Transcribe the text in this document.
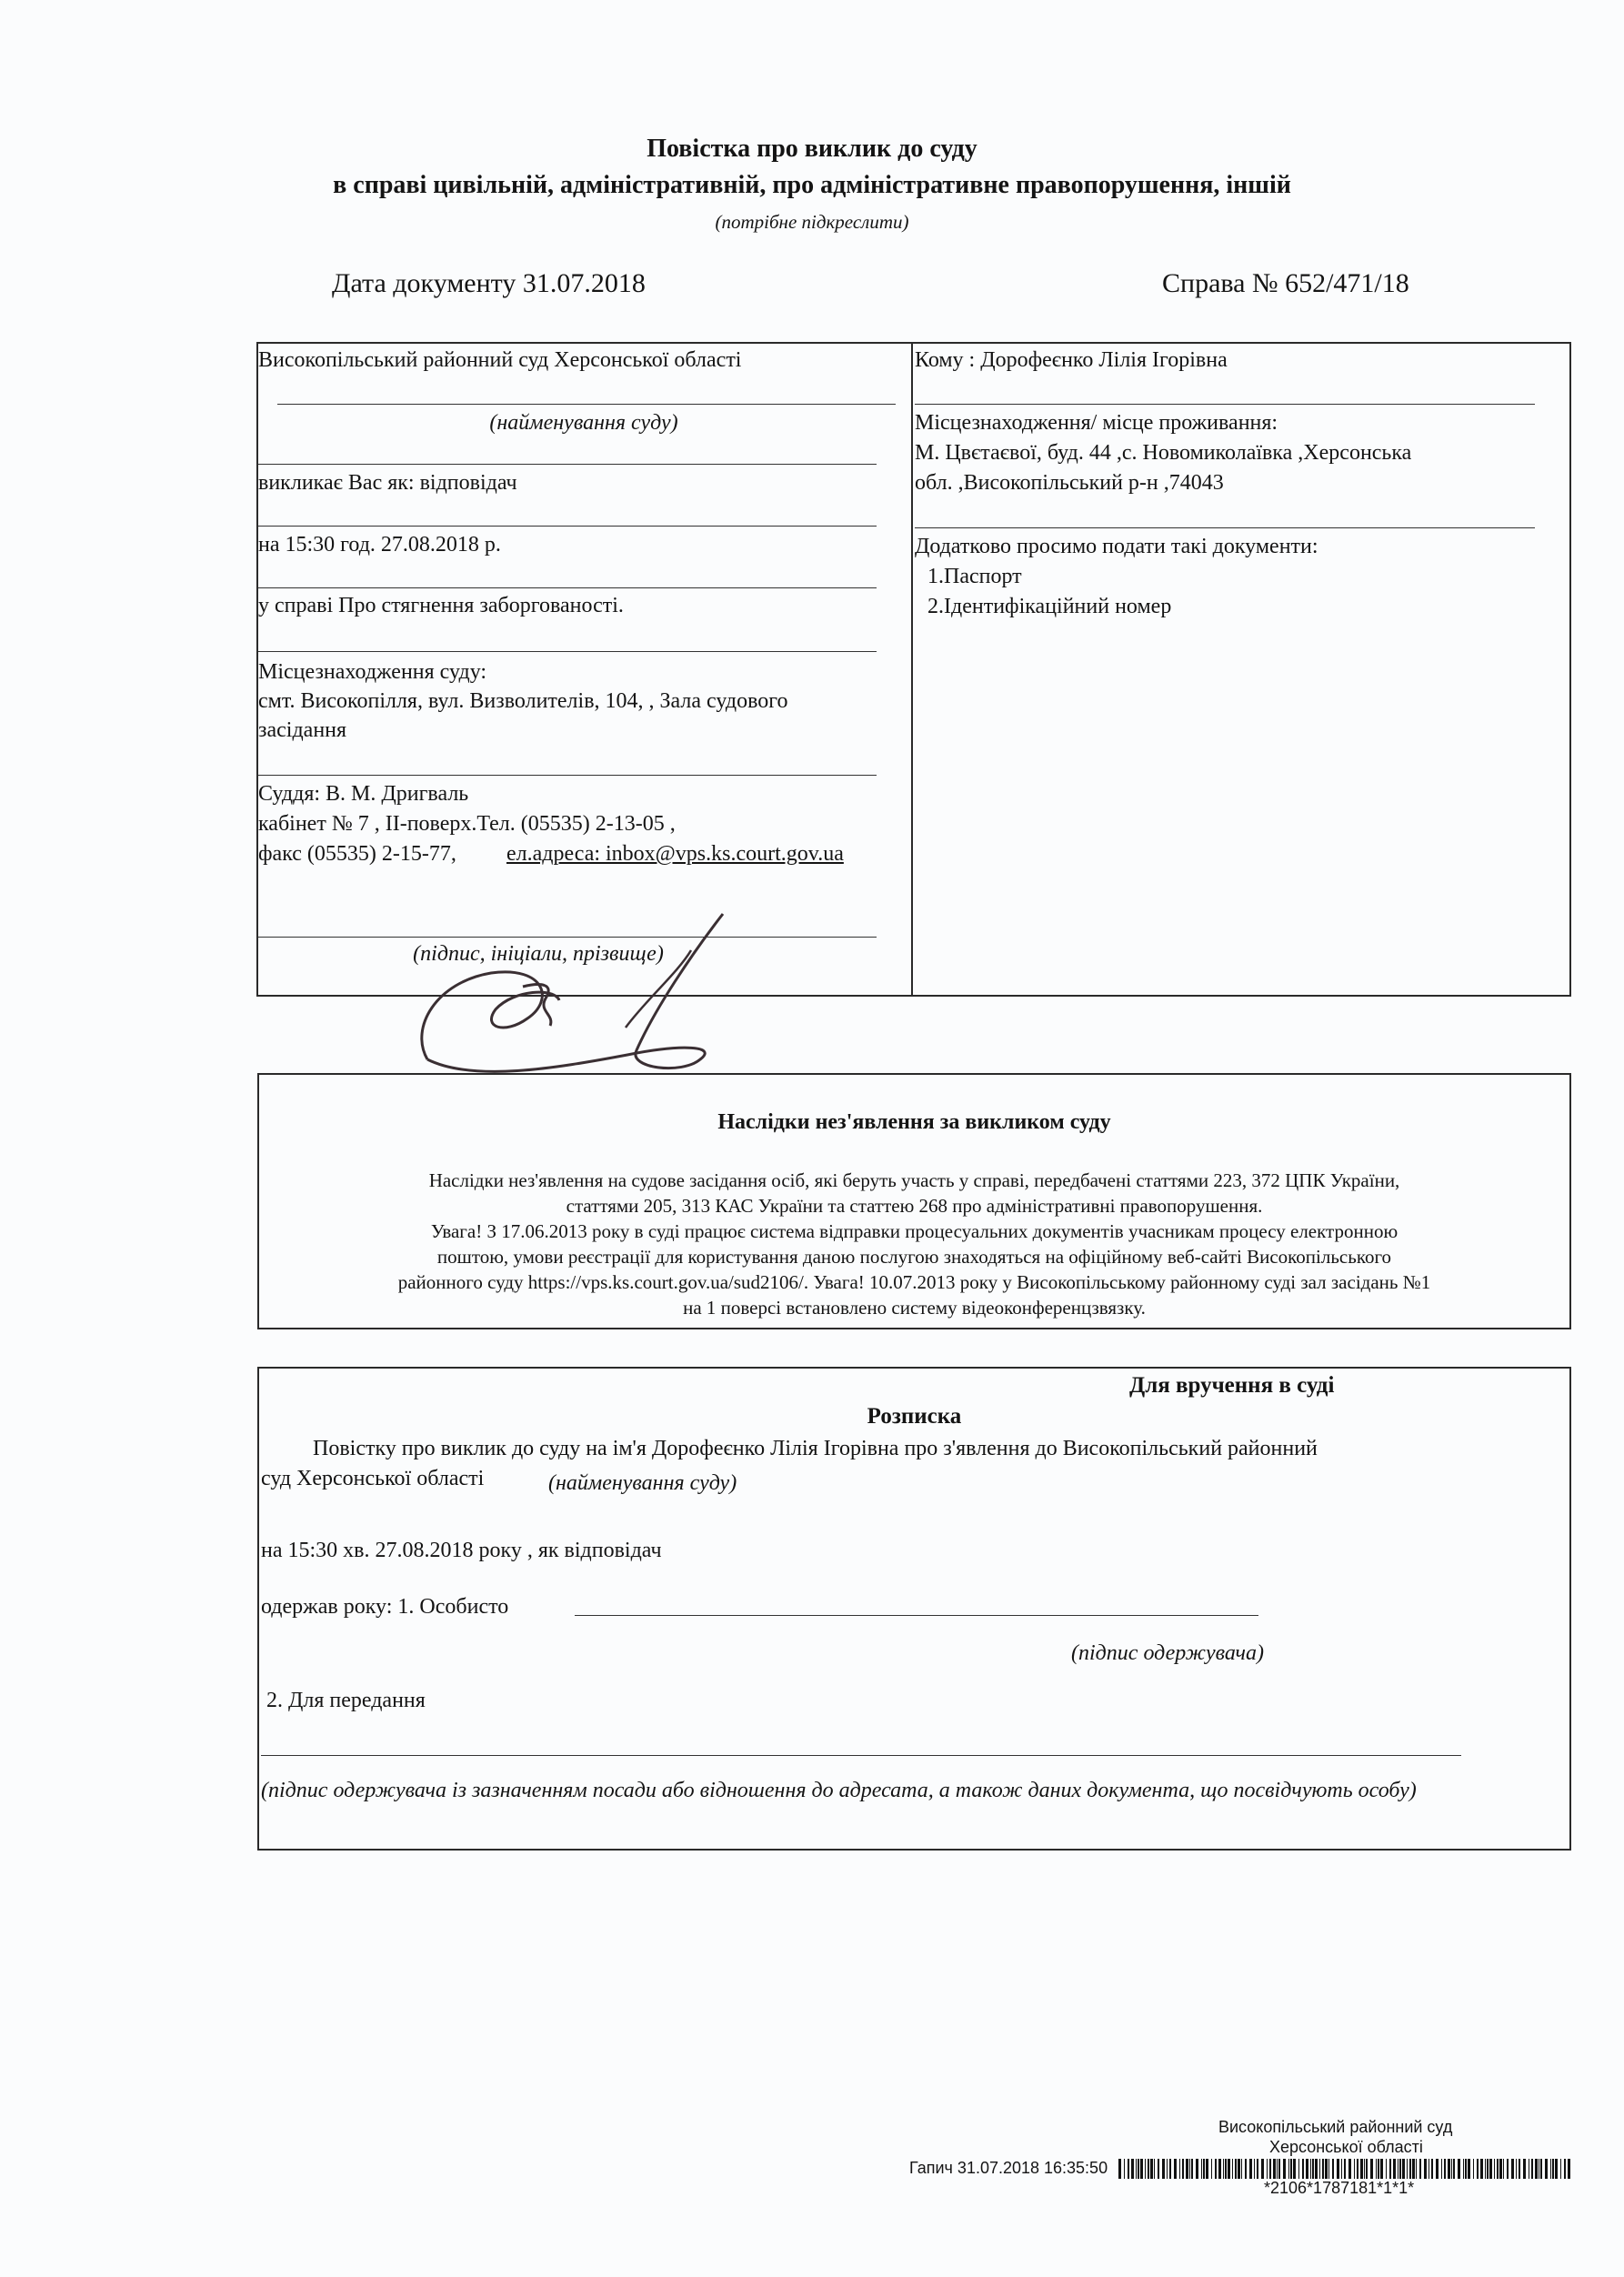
Повістка про виклик до суду
в справі цивільній, адміністративній, про адміністративне правопорушення, іншій
(потрібне підкреслити)
Дата документу 31.07.2018	Справа № 652/471/18
Високопільський районний суд Херсонської області
(найменування суду)
викликає Вас як: відповідач
на 15:30 год. 27.08.2018 р.
у справі Про стягнення заборгованості.
Місцезнаходження суду:
смт. Високопілля, вул. Визволителів, 104, , Зала судового
засідання
Суддя: В. М. Дригваль
кабінет № 7 , ІІ-поверх.Тел. (05535) 2-13-05 ,
факс (05535) 2-15-77, ел.адреса: inbox@vps.ks.court.gov.ua
(підпис, ініціали, прізвище)
Кому : Дорофеєнко Лілія Ігорівна
Місцезнаходження/ місце проживання:
М. Цвєтаєвої, буд. 44 ,с. Новомиколаївка ,Херсонська
обл. ,Високопільський р-н ,74043
Додатково просимо подати такі документи:
1.Паспорт
2.Ідентифікаційний номер
Наслідки нез'явлення за викликом суду
Наслідки нез'явлення на судове засідання осіб, які беруть участь у справі, передбачені статтями 223, 372 ЦПК України,
статтями 205, 313 КАС України та статтею 268 про адміністративні правопорушення.
Увага! З 17.06.2013 року в суді працює система відправки процесуальних документів учасникам процесу електронною
поштою, умови реєстрації для користування даною послугою знаходяться на офіційному веб-сайті Високопільського
районного суду https://vps.ks.court.gov.ua/sud2106/. Увага! 10.07.2013 року у Високопільському районному суді зал засідань №1
на 1 поверсі встановлено систему відеоконференцзвязку.
Для вручення в суді
Розписка
Повістку про виклик до суду на ім'я Дорофеєнко Лілія Ігорівна про з'явлення до Високопільський районний
суд Херсонської області	(найменування суду)
на 15:30 хв. 27.08.2018 року , як відповідач
одержав року: 1. Особисто
(підпис одержувача)
2. Для передання
(підпис одержувача із зазначенням посади або відношення до адресата, а також даних документа, що посвідчують особу)
Високопільський районний суд
Херсонської області
Гапич 31.07.2018 16:35:50
*2106*1787181*1*1*
